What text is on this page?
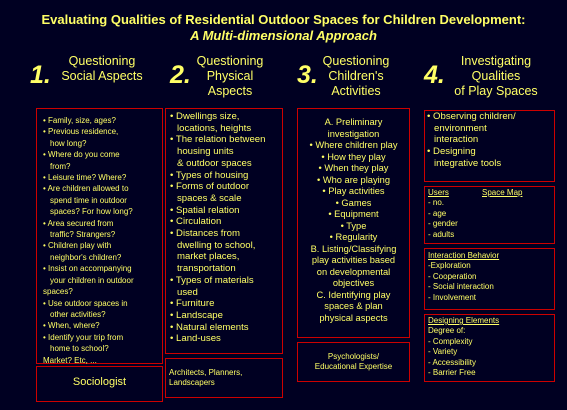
Evaluating Qualities of Residential Outdoor Spaces for Children Development:
A Multi-dimensional Approach
1.	Questioning
Social Aspects
• Family, size, ages?
• Previous residence,
how long?
• Where do you come
from?
• Leisure time? Where?
• Are children allowed to
spend time in outdoor
spaces? For how long?
• Area secured from
traffic? Strangers?
• Children play with
neighbor's children?
• Insist on accompanying
your children in outdoor
spaces?
• Use outdoor spaces in
other activities?
• When, where?
• Identify your trip from
home to school?
Market? Etc, ...
Sociologist
2. Questioning
Physical
Aspects
• Dwellings size,
locations, heights
• The relation between
housing units
& outdoor spaces
• Types of housing
• Forms of outdoor
spaces & scale
• Spatial relation
• Circulation
• Distances from
dwelling to school,
market places,
transportation
• Types of materials
used
• Furniture
• Landscape
• Natural elements
• Land-uses
Architects, Planners,
Landscapers
3. Questioning
Children's
Activities
A. Preliminary
investigation
• Where children play
• How they play
• When they play
• Who are playing
• Play activities
• Games
• Equipment
• Type
• Regularity
B. Listing/Classifying
play activities based
on developmental
objectives
C. Identifying play
spaces & plan
physical aspects
Psychologists/
Educational Expertise
4.	Investigating
Qualities
of Play Spaces
• Observing children/
environment
interaction
• Designing
integrative tools
Users
- no.
- age
- gender
- adults
Space Map
Interaction Behavior
-Exploration
- Cooperation
- Social interaction
- Involvement
Designing Elements
Degree of:
- Complexity
- Variety
- Accessibility
- Barrier Free
